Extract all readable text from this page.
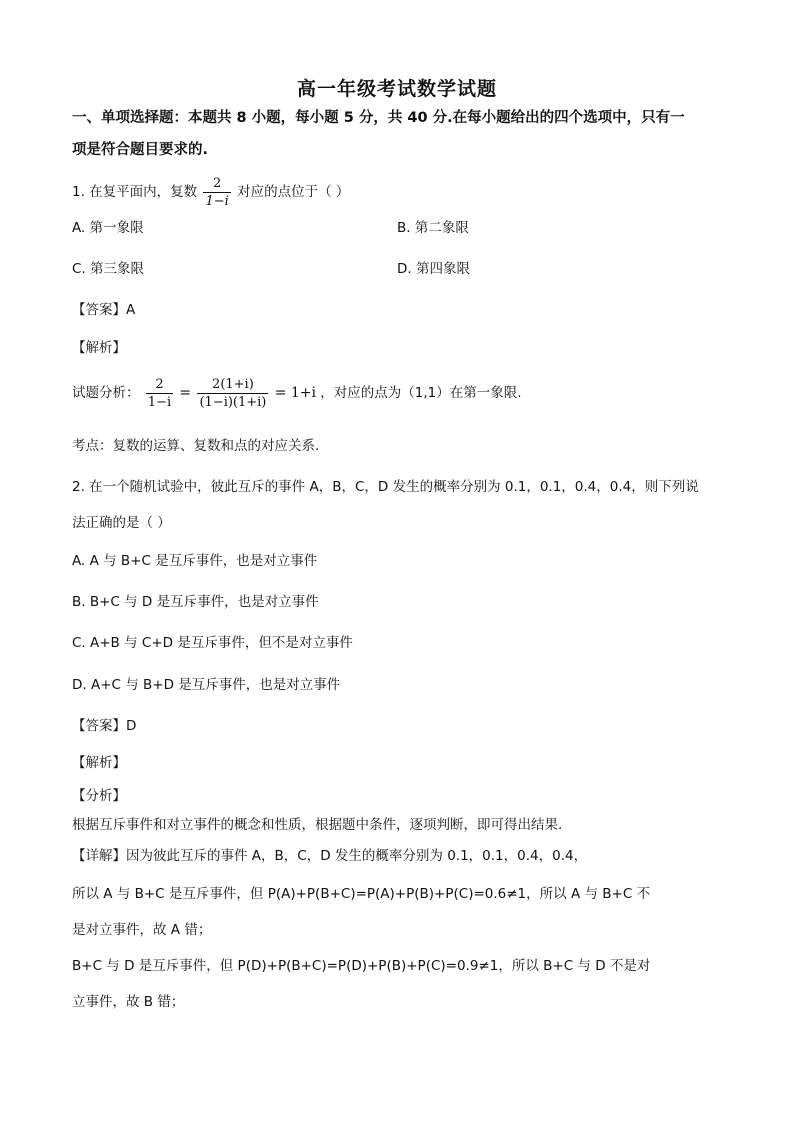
高一年级考试数学试题
一、单项选择题：本题共 8 小题，每小题 5 分，共 40 分.在每小题给出的四个选项中，只有一
项是符合题目要求的.
1. 在复平面内，复数 $\frac{2}{1-i}$ 对应的点位于（ ）
A. 第一象限	B. 第二象限
C. 第三象限	D. 第四象限
【答案】A
【解析】
试题分析： $\frac{2}{1-i} = \frac{2(1+i)}{(1-i)(1+i)} = 1+i$ ，对应的点为（1,1）在第一象限.
考点：复数的运算、复数和点的对应关系.
2. 在一个随机试验中，彼此互斥的事件 A，B，C，D 发生的概率分别为 0.1，0.1，0.4，0.4，则下列说
法正确的是（ ）
A. A 与 B+C 是互斥事件，也是对立事件
B. B+C 与 D 是互斥事件，也是对立事件
C. A+B 与 C+D 是互斥事件，但不是对立事件
D. A+C 与 B+D 是互斥事件，也是对立事件
【答案】D
【解析】
【分析】
根据互斥事件和对立事件的概念和性质，根据题中条件，逐项判断，即可得出结果.
【详解】因为彼此互斥的事件 A，B，C，D 发生的概率分别为 0.1，0.1，0.4，0.4，
所以 A 与 B+C 是互斥事件，但 P(A)+P(B+C)=P(A)+P(B)+P(C)=0.6≠1，所以 A 与 B+C 不
是对立事件，故 A 错；
B+C 与 D 是互斥事件，但 P(D)+P(B+C)=P(D)+P(B)+P(C)=0.9≠1，所以 B+C 与 D 不是对
立事件，故 B 错；
